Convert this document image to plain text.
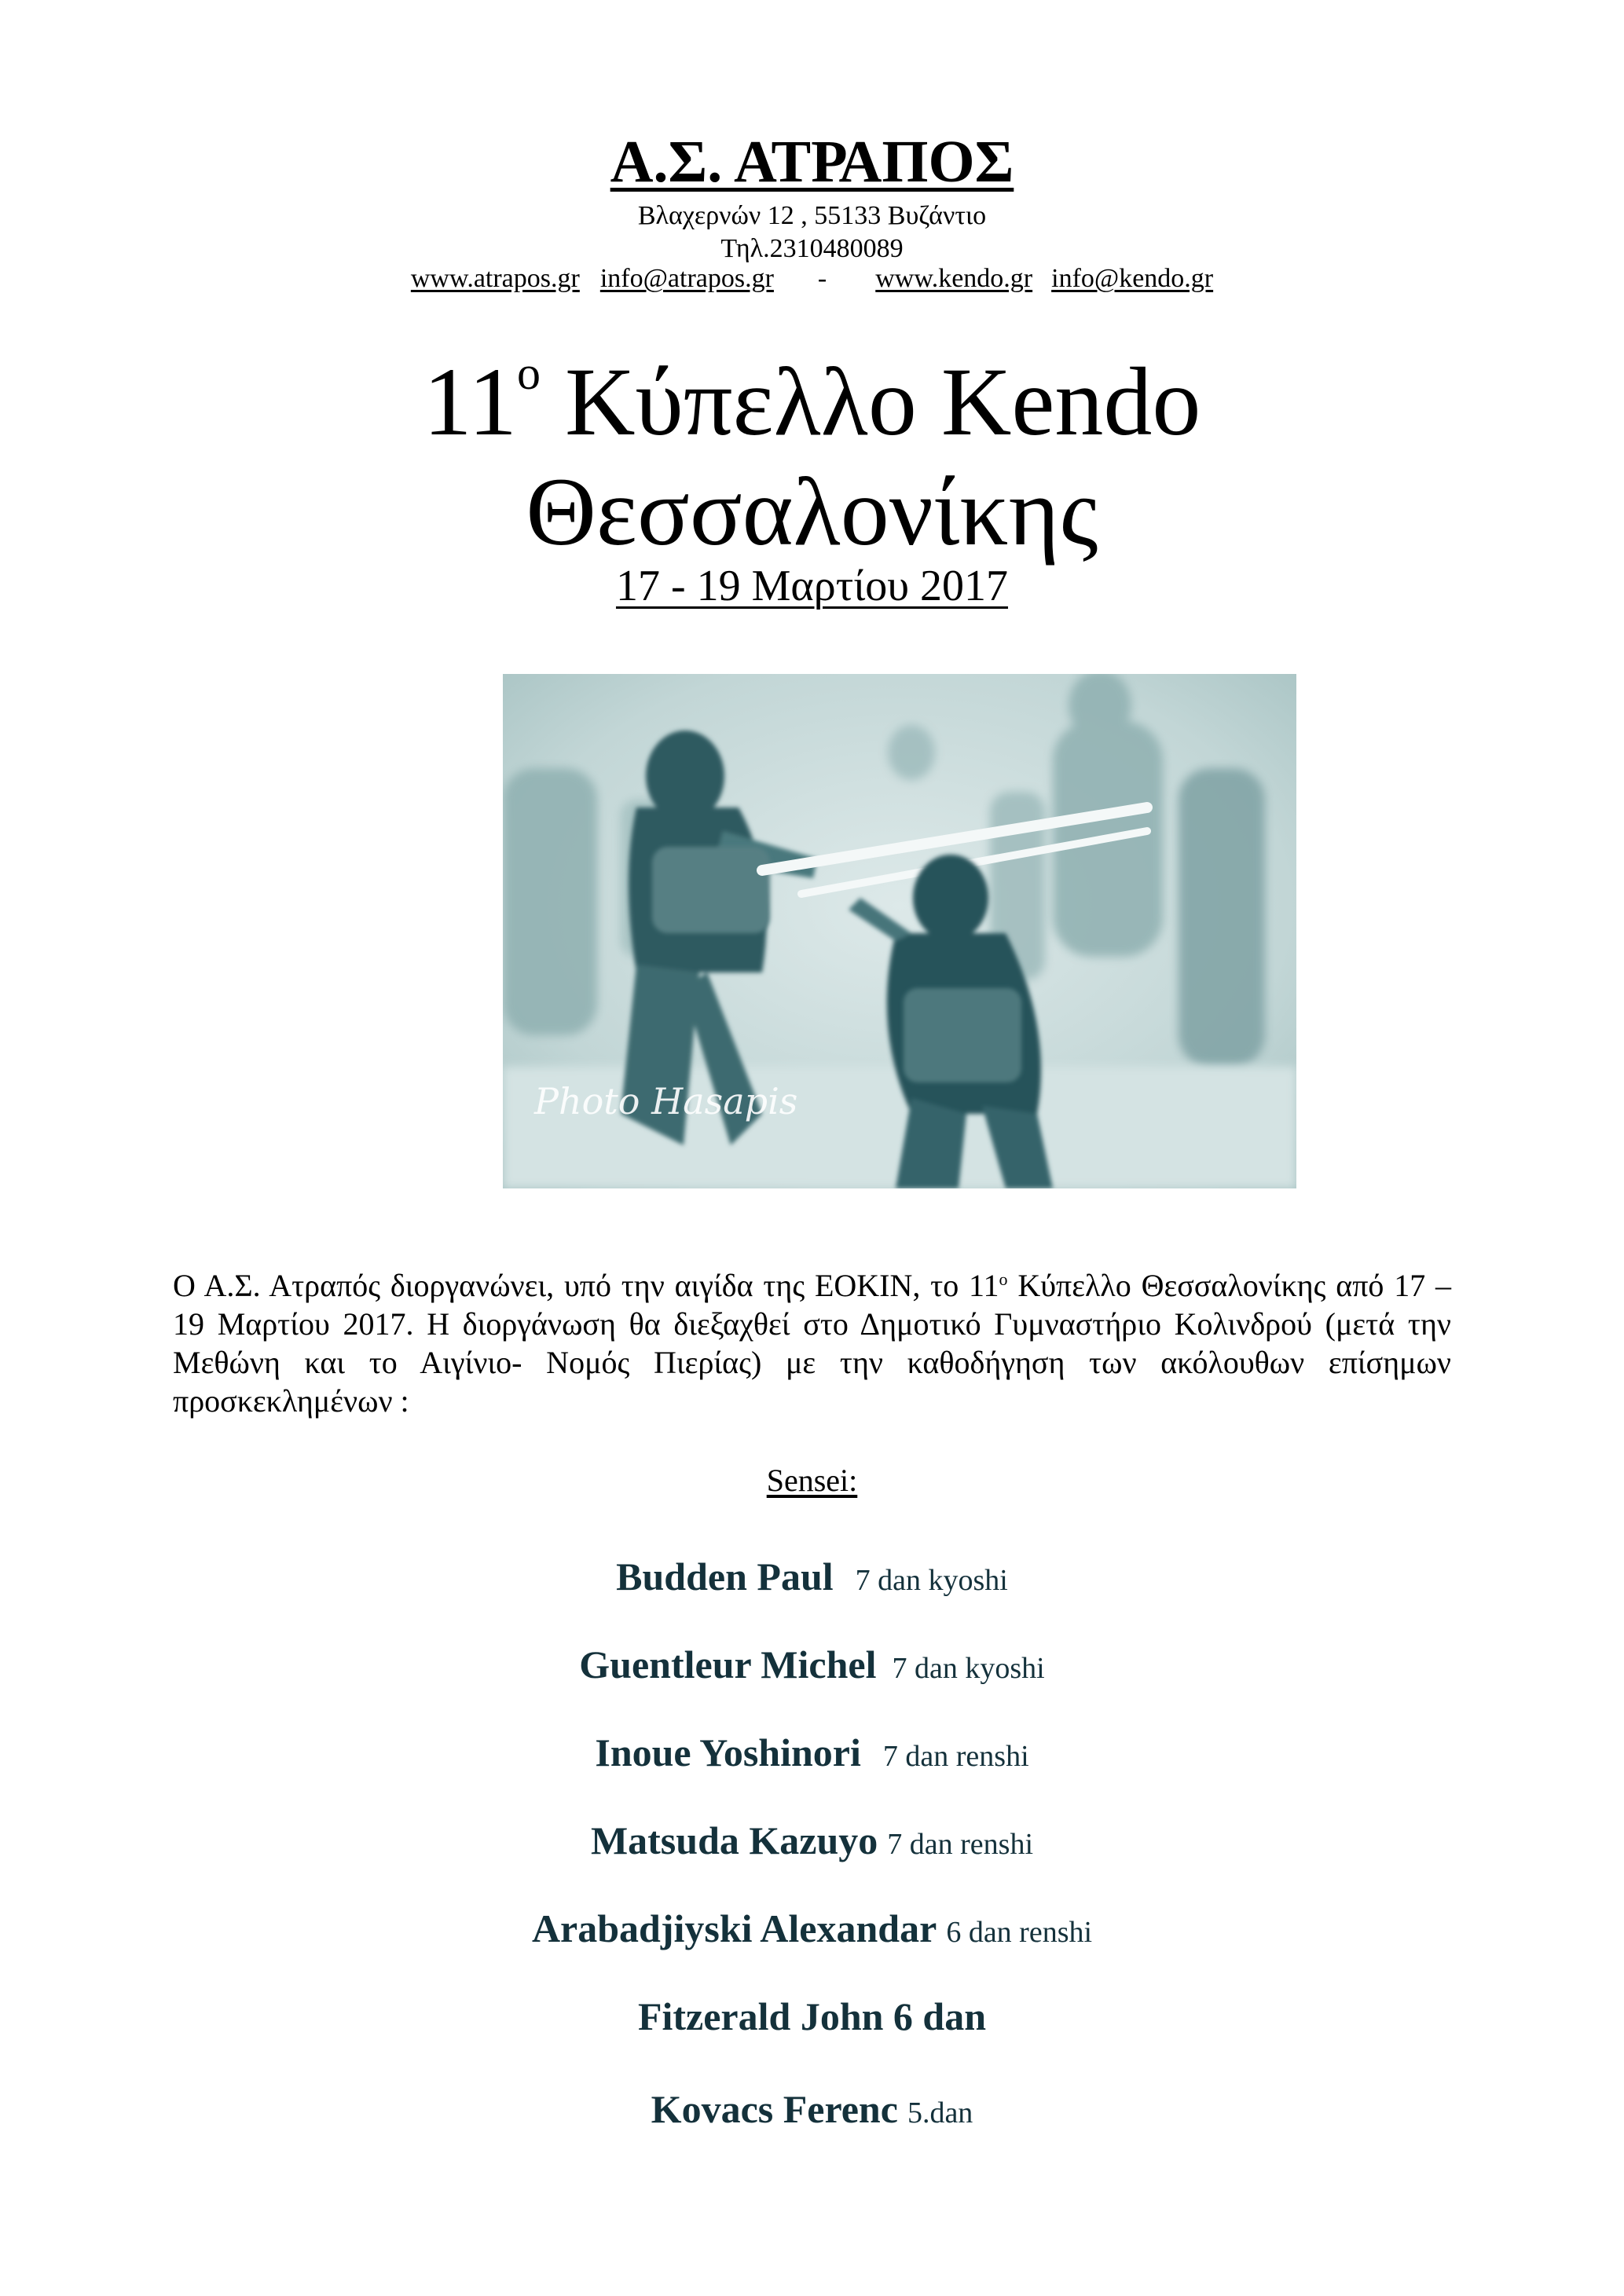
Α.Σ. ΑΤΡΑΠΟΣ
Βλαχερνών 12 , 55133 Βυζάντιο
Τηλ.2310480089
www.atrapos.gr info@atrapos.gr - www.kendo.gr info@kendo.gr
$11^o$ Κύπελλο Kendo
Θεσσαλονίκης
17 - 19 Μαρτίου 2017
Photo Hasapis
Ο Α.Σ. Ατραπός διοργανώνει, υπό την αιγίδα της ΕΟΚΙΝ, το $11^o$ Κύπελλο Θεσσαλονίκης από 17 – 19 Μαρτίου 2017. Η διοργάνωση θα διεξαχθεί στο Δημοτικό Γυμναστήριο Κολινδρού (μετά την Μεθώνη και το Αιγίνιο- Νομός Πιερίας) με την καθοδήγηση των ακόλουθων επίσημων προσκεκλημένων :
Sensei:
Budden Paul 7 dan kyoshi
Guentleur Michel 7 dan kyoshi
Inoue Yoshinori 7 dan renshi
Matsuda Kazuyo 7 dan renshi
Arabadjiyski Alexandar 6 dan renshi
Fitzerald John 6 dan
Kovacs Ferenc 5.dan
